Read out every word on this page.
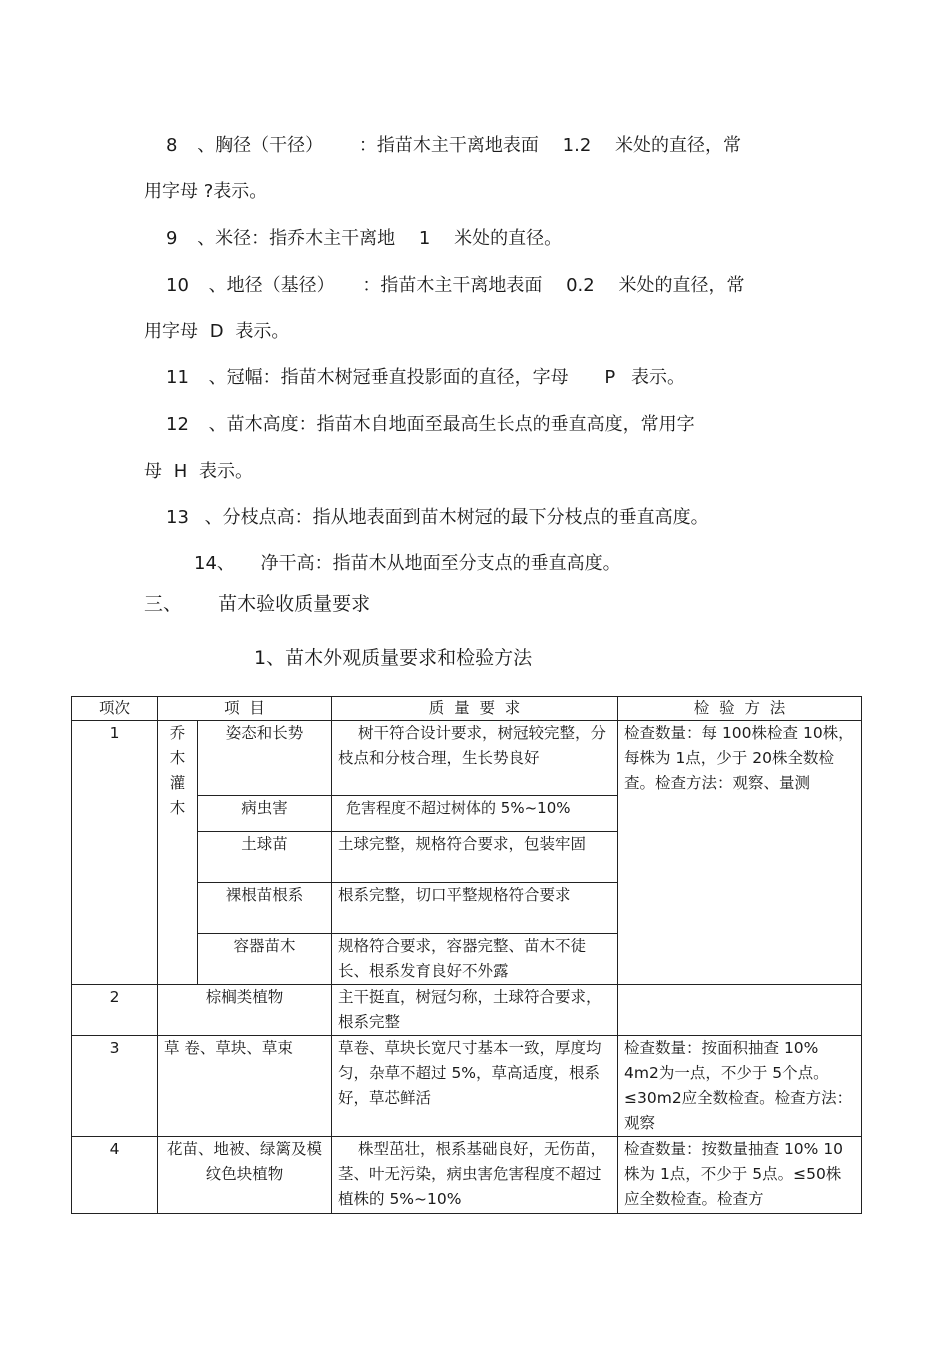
8 、胸径（干径） ：指苗木主干离地表面 1.2 米处的直径，常
用字母 ?表示。
9 、米径：指乔木主干离地 1 米处的直径。
10 、地径（基径） ：指苗木主干离地表面 0.2 米处的直径，常
用字母 D 表示。
11 、冠幅：指苗木树冠垂直投影面的直径，字母 P 表示。
12 、苗木高度：指苗木自地面至最高生长点的垂直高度，常用字
母 H 表示。
13 、分枝点高：指从地表面到苗木树冠的最下分枝点的垂直高度。
14、 净干高：指苗木从地面至分支点的垂直高度。
三、 苗木验收质量要求
1、苗木外观质量要求和检验方法
项次	项  目		质  量  要  求	检  验  方  法
1	乔
木
灌
木	姿态和长势	树干符合设计要求，树冠较完整，分枝点和分枝合理，生长势良好	检查数量：每 100株检查 10株，每株为 1点，少于 20株全数检查。检查方法：观察、量测
		病虫害	危害程度不超过树体的 5%~10%	
		土球苗	土球完整，规格符合要求，包装牢固	
		裸根苗根系	根系完整，切口平整规格符合要求	
		容器苗木	规格符合要求，容器完整、苗木不徒长、根系发育良好不外露	
2	棕榈类植物		主干挺直，树冠匀称，土球符合要求，根系完整	
3	草 卷、草块、草束		草卷、草块长宽尺寸基本一致，厚度均匀，杂草不超过 5%，草高适度，根系好，草芯鲜活	检查数量：按面积抽查 10% 4m2为一点，不少于 5个点。≤30m2应全数检查。检查方法：观察
4	花苗、地被、绿篱及模纹色块植物		株型茁壮，根系基础良好，无伤苗，茎、叶无污染，病虫害危害程度不超过植株的 5%~10%	检查数量：按数量抽查 10% 10株为 1点，不少于 5点。≤50株应全数检查。检查方
